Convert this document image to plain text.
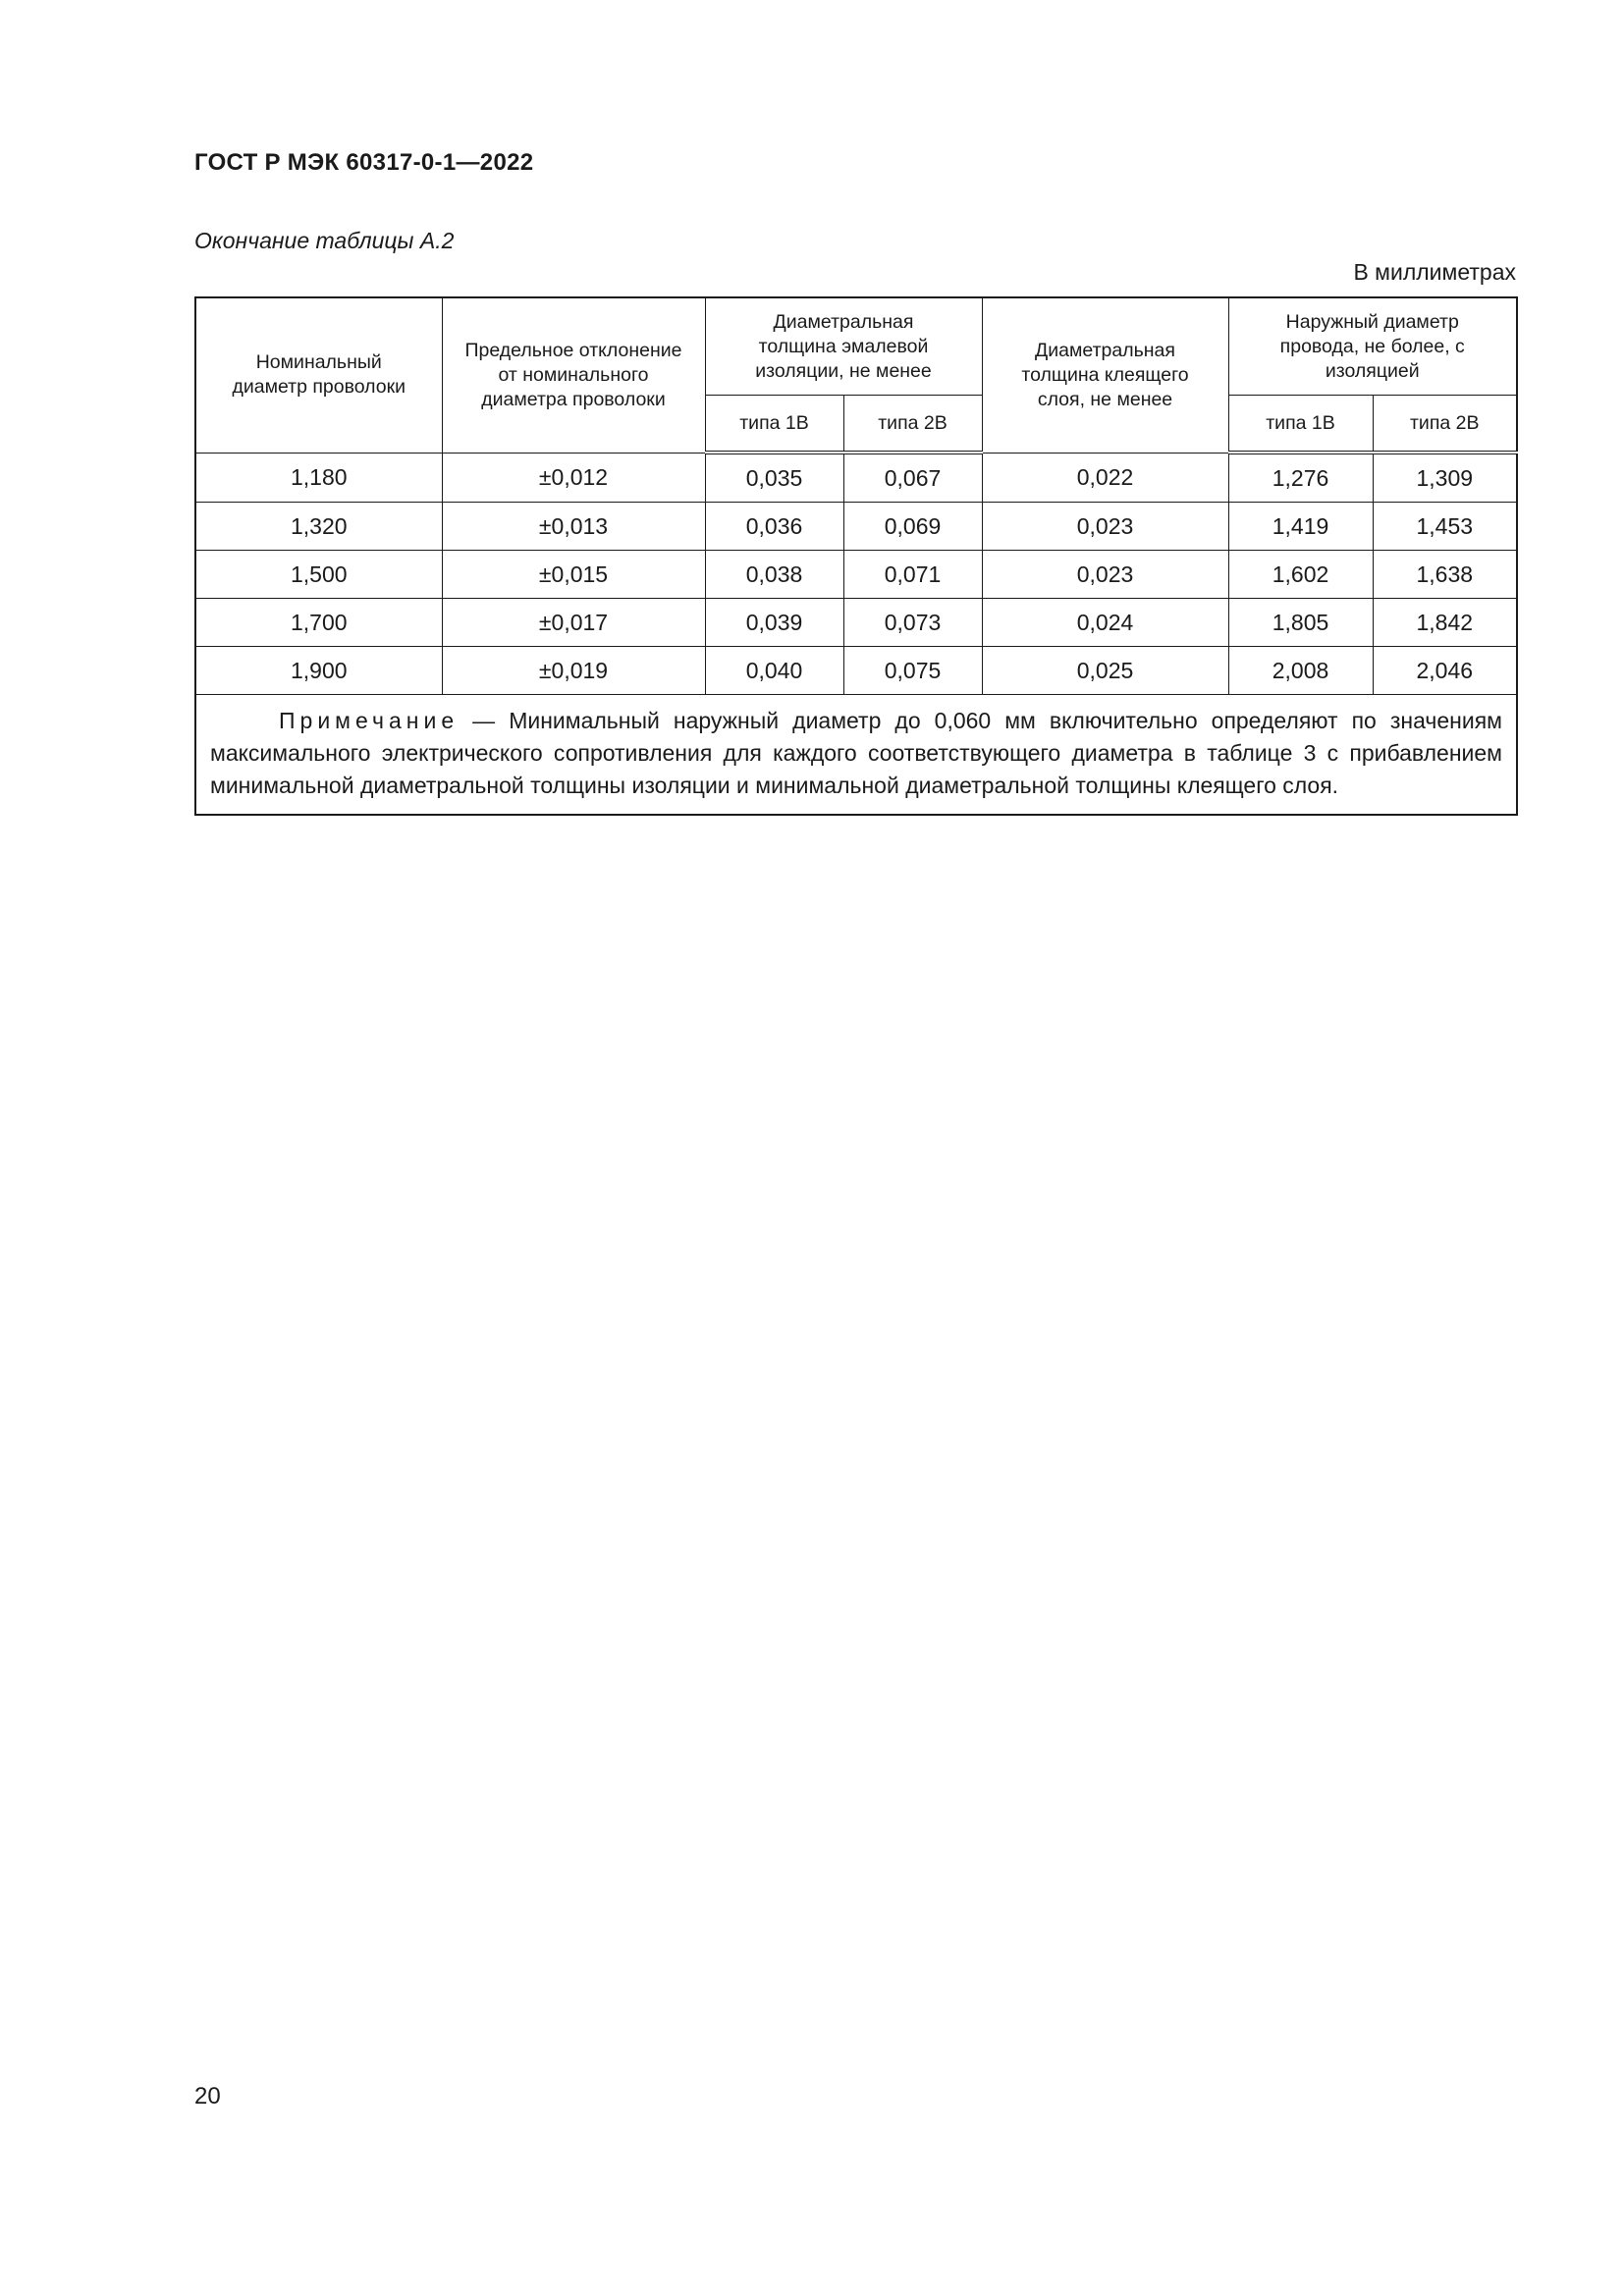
ГОСТ Р МЭК 60317-0-1—2022
Окончание таблицы А.2
В миллиметрах
Номинальный диаметр проволоки	Предельное отклонение от номинального диаметра проволоки	Диаметральная толщина эмалевой изоляции, не менее		Диаметральная толщина клеящего слоя, не менее	Наружный диаметр провода, не более, с изоляцией	
		типа 1В	типа 2В		типа 1В	типа 2В
1,180	±0,012	0,035	0,067	0,022	1,276	1,309
1,320	±0,013	0,036	0,069	0,023	1,419	1,453
1,500	±0,015	0,038	0,071	0,023	1,602	1,638
1,700	±0,017	0,039	0,073	0,024	1,805	1,842
1,900	±0,019	0,040	0,075	0,025	2,008	2,046
Примечание — Минимальный наружный диаметр до 0,060 мм включительно определяют по значениям максимального электрического сопротивления для каждого соответствующего диаметра в таблице 3 с прибавлением минимальной диаметральной толщины изоляции и минимальной диаметральной толщины клеящего слоя.						
20
